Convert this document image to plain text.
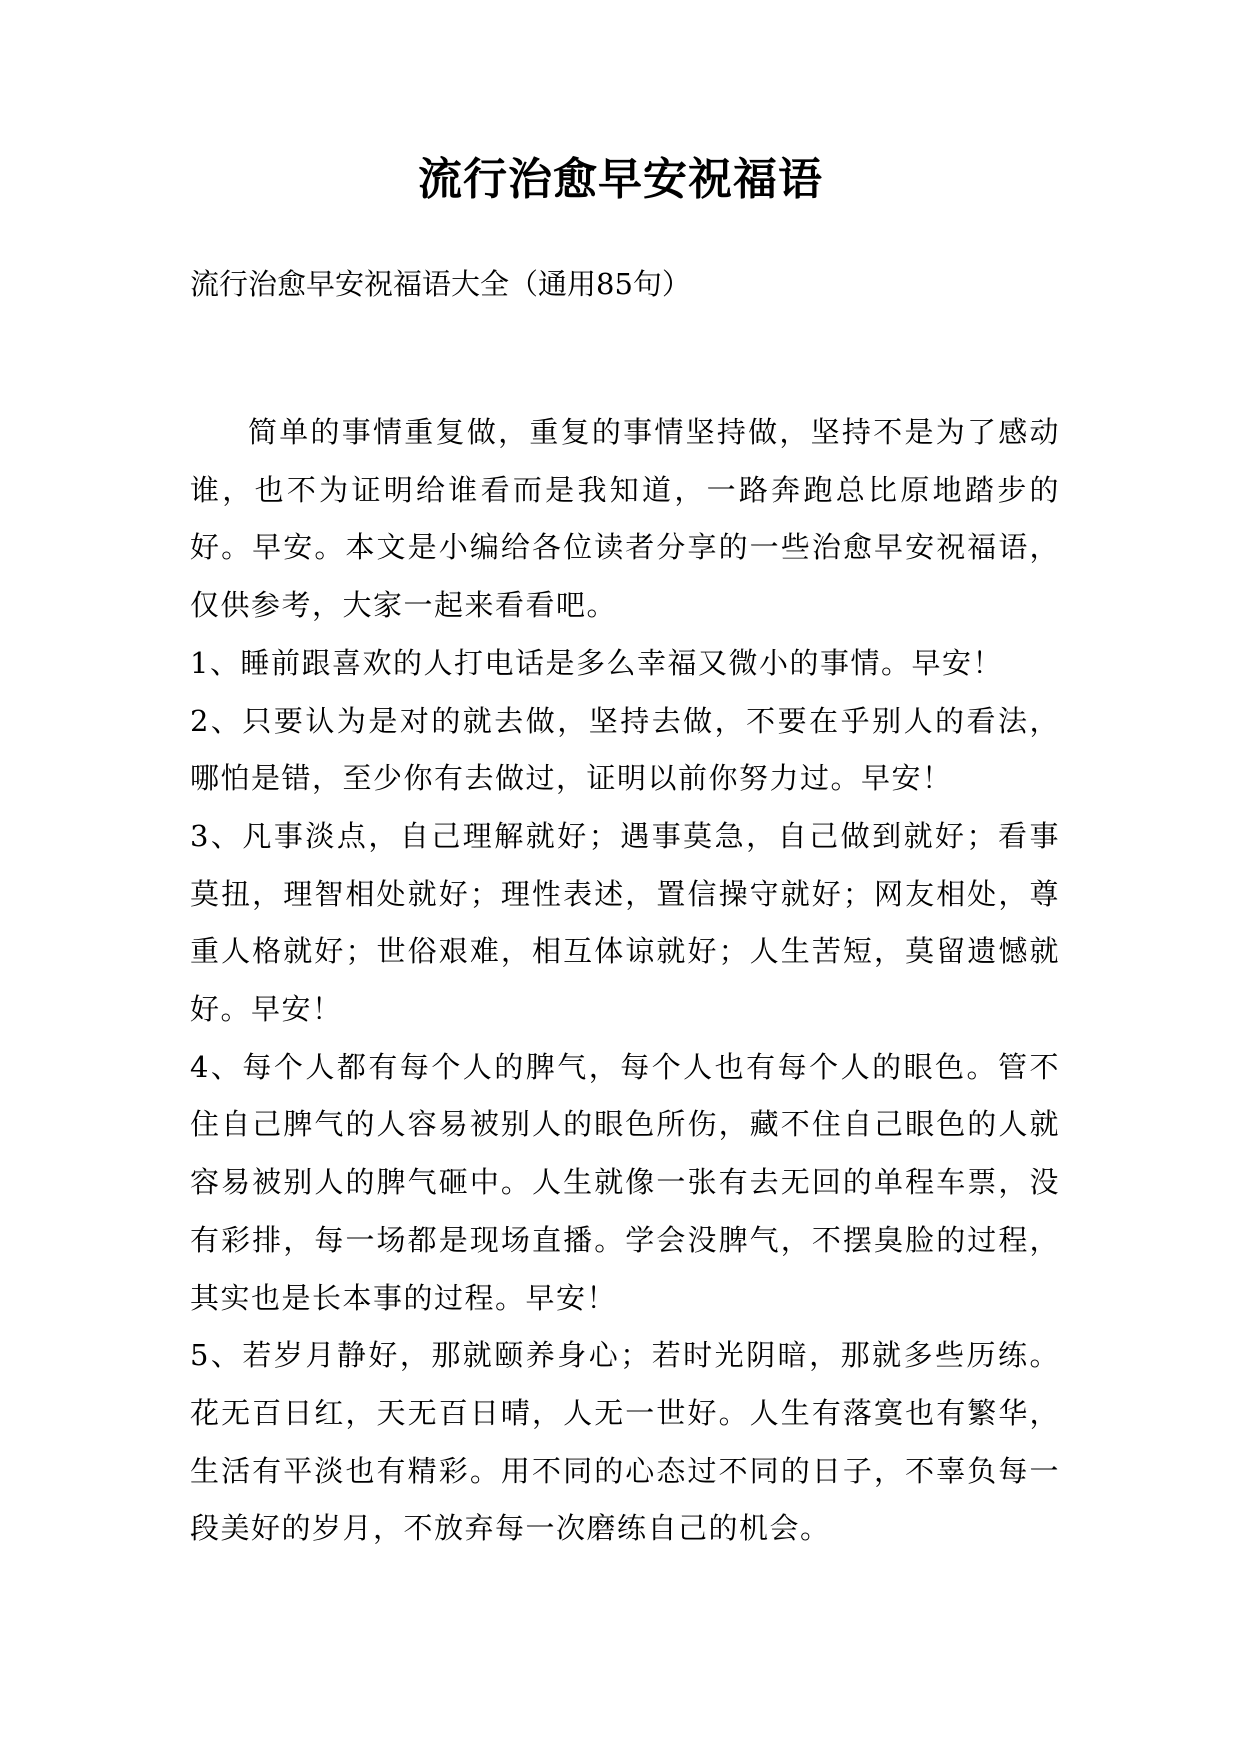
流行治愈早安祝福语
流行治愈早安祝福语大全（通用85句）

简单的事情重复做，重复的事情坚持做，坚持不是为了感动谁，也不为证明给谁看而是我知道，一路奔跑总比原地踏步的好。早安。本文是小编给各位读者分享的一些治愈早安祝福语，仅供参考，大家一起来看看吧。

1、睡前跟喜欢的人打电话是多么幸福又微小的事情。早安！

2、只要认为是对的就去做，坚持去做，不要在乎别人的看法，哪怕是错，至少你有去做过，证明以前你努力过。早安！

3、凡事淡点，自己理解就好；遇事莫急，自己做到就好；看事莫扭，理智相处就好；理性表述，置信操守就好；网友相处，尊重人格就好；世俗艰难，相互体谅就好；人生苦短，莫留遗憾就好。早安！

4、每个人都有每个人的脾气，每个人也有每个人的眼色。管不住自己脾气的人容易被别人的眼色所伤，藏不住自己眼色的人就容易被别人的脾气砸中。人生就像一张有去无回的单程车票，没有彩排，每一场都是现场直播。学会没脾气，不摆臭脸的过程，其实也是长本事的过程。早安！

5、若岁月静好，那就颐养身心；若时光阴暗，那就多些历练。花无百日红，天无百日晴，人无一世好。人生有落寞也有繁华，生活有平淡也有精彩。用不同的心态过不同的日子，不辜负每一段美好的岁月，不放弃每一次磨练自己的机会。
